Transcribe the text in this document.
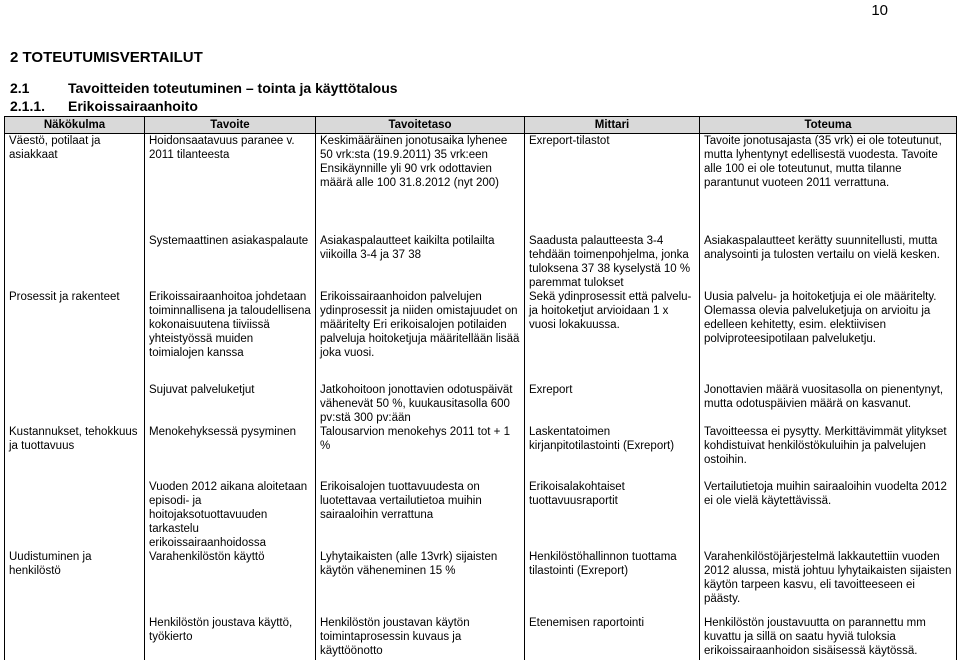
10
2 TOTEUTUMISVERTAILUT
2.1	Tavoitteiden toteutuminen – tointa ja käyttötalous
2.1.1. Erikoissairaanhoito
Näkökulma	Tavoite	Tavoitetaso	Mittari	Toteuma
Väestö, potilaat ja asiakkaat	Hoidonsaatavuus paranee v. 2011 tilanteesta	Keskimääräinen jonotusaika lyhenee 50 vrk:sta (19.9.2011) 35 vrk:een Ensikäynnille yli 90 vrk odottavien määrä alle 100 31.8.2012 (nyt 200)	Exreport-tilastot	Tavoite jonotusajasta (35 vrk) ei ole toteutunut, mutta lyhentynyt edellisestä vuodesta. Tavoite alle 100 ei ole toteutunut, mutta tilanne parantunut vuoteen 2011 verrattuna.
	Systemaattinen asiakaspalaute	Asiakaspalautteet kaikilta potilailta viikoilla 3-4 ja 37 38	Saadusta palautteesta 3-4 tehdään toimenpohjelma, jonka tuloksena 37 38 kyselystä 10 % paremmat tulokset	Asiakaspalautteet kerätty suunnitellusti, mutta analysointi ja tulosten vertailu on vielä kesken.
Prosessit ja rakenteet	Erikoissairaanhoitoa johdetaan toiminnallisena ja taloudellisena kokonaisuutena tiiviissä yhteistyössä muiden toimialojen kanssa	Erikoissairaanhoidon palvelujen ydinprosessit ja niiden omistajuudet on määritelty Eri erikoisalojen potilaiden palveluja hoitoketjuja määritellään lisää joka vuosi.	Sekä ydinprosessit että palvelu- ja hoitoketjut arvioidaan 1 x vuosi lokakuussa.	Uusia palvelu- ja hoitoketjuja ei ole määritelty. Olemassa olevia palveluketjuja on arvioitu ja edelleen kehitetty, esim. elektiivisen polviproteesipotilaan palveluketju.
	Sujuvat palveluketjut	Jatkohoitoon jonottavien odotuspäivät vähenevät 50 %, kuukausitasolla 600 pv:stä 300 pv:ään	Exreport	Jonottavien määrä vuositasolla on pienentynyt, mutta odotuspäivien määrä on kasvanut.
Kustannukset, tehokkuus ja tuottavuus	Menokehyksessä pysyminen	Talousarvion menokehys 2011 tot + 1 %	Laskentatoimen kirjanpitotilastointi (Exreport)	Tavoitteessa ei pysytty. Merkittävimmät ylitykset kohdistuivat henkilöstökuluihin ja palvelujen ostoihin.
	Vuoden 2012 aikana aloitetaan episodi- ja hoitojaksotuottavuuden tarkastelu erikoissairaanhoidossa	Erikoisalojen tuottavuudesta on luotettavaa vertailutietoa muihin sairaaloihin verrattuna	Erikoisalakohtaiset tuottavuusraportit	Vertailutietoja muihin sairaaloihin vuodelta 2012 ei ole vielä käytettävissä.
Uudistuminen ja henkilöstö	Varahenkilöstön käyttö	Lyhytaikaisten (alle 13vrk) sijaisten käytön väheneminen 15 %	Henkilöstöhallinnon tuottama tilastointi (Exreport)	Varahenkilöstöjärjestelmä lakkautettiin vuoden 2012 alussa, mistä johtuu lyhytaikaisten sijaisten käytön tarpeen kasvu, eli tavoitteeseen ei päästy.
	Henkilöstön joustava käyttö, työkierto	Henkilöstön joustavan käytön toimintaprosessin kuvaus ja käyttöönotto	Etenemisen raportointi	Henkilöstön joustavuutta on parannettu mm kuvattu ja sillä on saatu hyviä tuloksia erikoissairaanhoidon sisäisessä käytössä.
